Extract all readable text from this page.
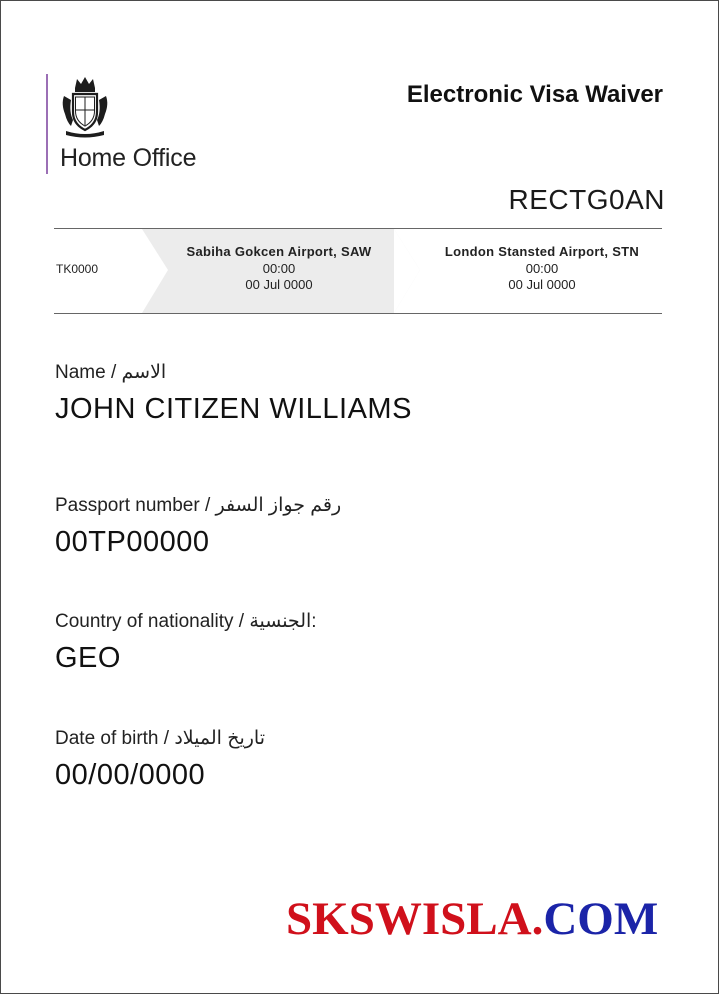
Home Office
Electronic Visa Waiver
RECTG0AN
TK0000
Sabiha Gokcen Airport, SAW
00:00
00 Jul 0000
London Stansted Airport, STN
00:00
00 Jul 0000
Name / الاسم
JOHN CITIZEN WILLIAMS
Passport number / رقم جواز السفر
00TP00000
Country of nationality / الجنسية:
GEO
Date of birth / تاريخ الميلاد
00/00/0000
SKSWISLA.COM
